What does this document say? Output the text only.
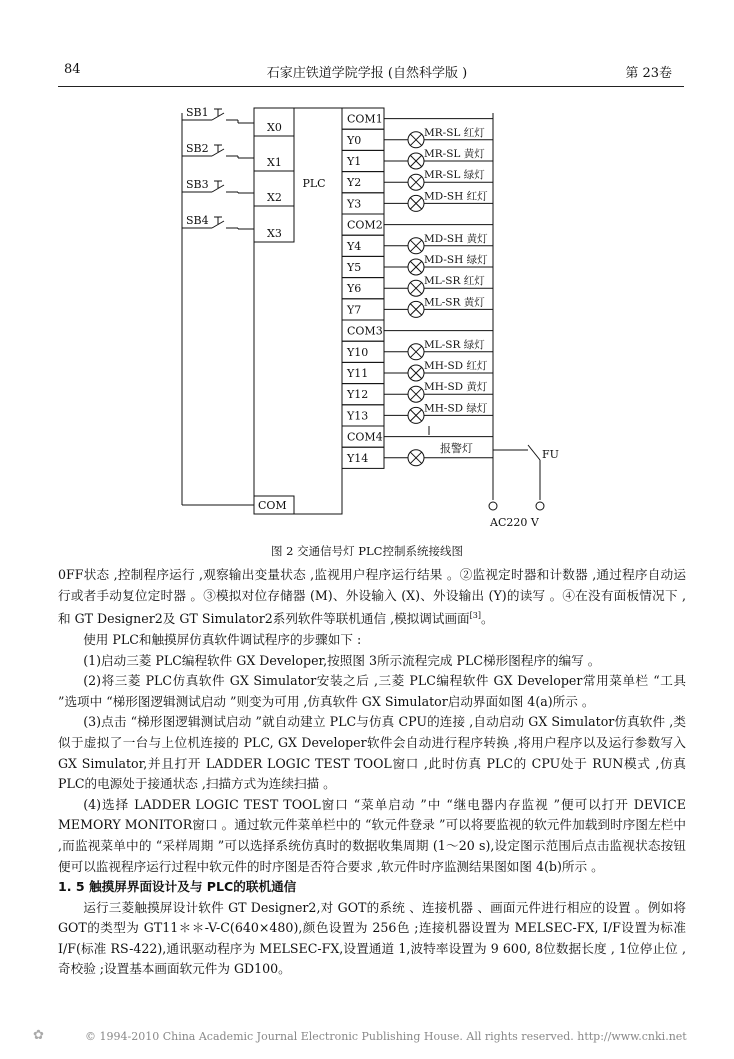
84	石家庄铁道学院学报 (自然科学版 )	第 23卷
PLC
COM
SB1
X0
SB2
X1
SB3
X2
SB4
X3
COM1
Y0
MR-SL 红灯
Y1
MR-SL 黄灯
Y2
MR-SL 绿灯
Y3
MD-SH 红灯
COM2
Y4
MD-SH 黄灯
Y5
MD-SH 绿灯
Y6
ML-SR 红灯
Y7
ML-SR 黄灯
COM3
Y10
ML-SR 绿灯
Y11
MH-SD 红灯
Y12
MH-SD 黄灯
Y13
MH-SD 绿灯
COM4
Y14
报警灯	FU
AC220 V
图 2 交通信号灯 PLC控制系统接线图

0FF状态 ,控制程序运行 ,观察输出变量状态 ,监视用户程序运行结果 。②监视定时器和计数器 ,通过程序自动运行或者手动复位定时器 。③模拟对位存储器 (M)、外设输入 (X)、外设输出 (Y)的读写 。④在没有面板情况下 ,和 GT Designer2及 GT Simulator2系列软件等联机通信 ,模拟调试画面[3]。

使用 PLC和触摸屏仿真软件调试程序的步骤如下 :

(1)启动三菱 PLC编程软件 GX Developer,按照图 3所示流程完成 PLC梯形图程序的编写 。

(2)将三菱 PLC仿真软件 GX Simulator安装之后 ,三菱 PLC编程软件 GX Developer常用菜单栏 “工具 ”选项中 “梯形图逻辑测试启动 ”则变为可用 ,仿真软件 GX Simulator启动界面如图 4(a)所示 。

(3)点击 “梯形图逻辑测试启动 ”就自动建立 PLC与仿真 CPU的连接 ,自动启动 GX Simulator仿真软件 ,类似于虚拟了一台与上位机连接的 PLC, GX Developer软件会自动进行程序转换 ,将用户程序以及运行参数写入 GX Simulator,并且打开 LADDER LOGIC TEST TOOL窗口 ,此时仿真 PLC的 CPU处于 RUN模式 ,仿真 PLC的电源处于接通状态 ,扫描方式为连续扫描 。

(4)选择 LADDER LOGIC TEST TOOL窗口 “菜单启动 ”中 “继电器内存监视 ”便可以打开 DEVICE MEMORY MONITOR窗口 。通过软元件菜单栏中的 “软元件登录 ”可以将要监视的软元件加载到时序图左栏中 ,而监视菜单中的 “采样周期 ”可以选择系统仿真时的数据收集周期 (1～20 s),设定图示范围后点击监视状态按钮便可以监视程序运行过程中软元件的时序图是否符合要求 ,软元件时序监测结果图如图 4(b)所示 。

1. 5 触摸屏界面设计及与 PLC的联机通信

运行三菱触摸屏设计软件 GT Designer2,对 GOT的系统 、连接机器 、画面元件进行相应的设置 。例如将 GOT的类型为 GT11＊＊-V-C(640×480),颜色设置为 256色 ;连接机器设置为 MELSEC-FX, I/F设置为标准 I/F(标准 RS-422),通讯驱动程序为 MELSEC-FX,设置通道 1,波特率设置为 9 600, 8位数据长度 , 1位停止位 ,奇校验 ;设置基本画面软元件为 GD100。

✿	© 1994-2010 China Academic Journal Electronic Publishing House. All rights reserved. http://www.cnki.net
